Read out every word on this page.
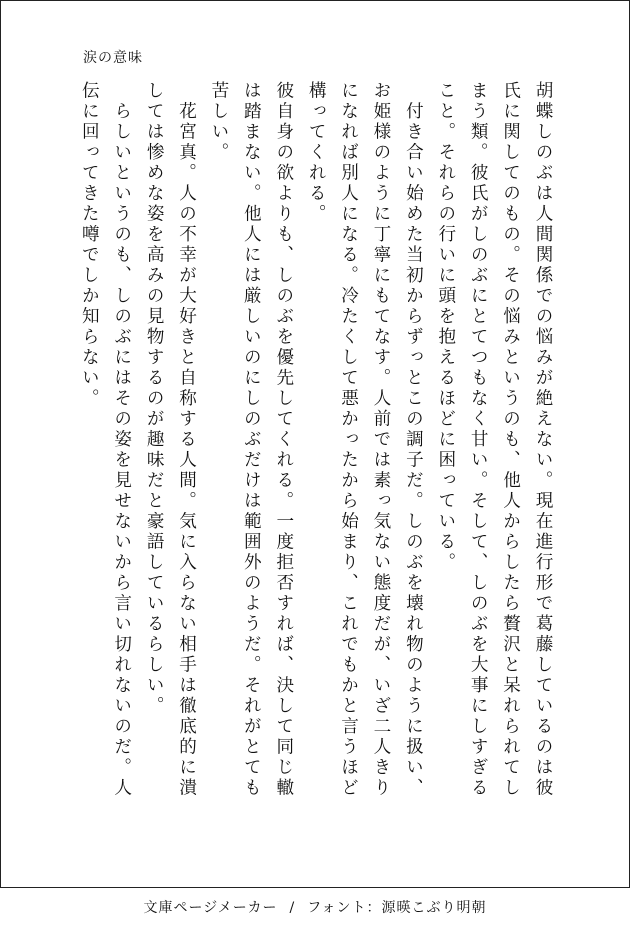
涙の意味

胡蝶しのぶは人間関係での悩みが絶えない。現在進行形で葛藤しているのは彼氏に関してのもの。その悩みというのも、他人からしたら贅沢と呆れられてしまう類。彼氏がしのぶにとてつもなく甘い。そして、しのぶを大事にしすぎること。それらの行いに頭を抱えるほどに困っている。

　付き合い始めた当初からずっとこの調子だ。しのぶを壊れ物のように扱い、お姫様のように丁寧にもてなす。人前では素っ気ない態度だが、いざ二人きりになれば別人になる。冷たくして悪かったから始まり、これでもかと言うほど構ってくれる。

彼自身の欲よりも、しのぶを優先してくれる。一度拒否すれば、決して同じ轍は踏まない。他人には厳しいのにしのぶだけは範囲外のようだ。それがとても苦しい。

　花宮真。人の不幸が大好きと自称する人間。気に入らない相手は徹底的に潰しては惨めな姿を高みの見物するのが趣味だと豪語しているらしい。

　らしいというのも、しのぶにはその姿を見せないから言い切れないのだ。人伝に回ってきた噂でしか知らない。

文庫ページメーカー / フォント：源暎こぶり明朝
